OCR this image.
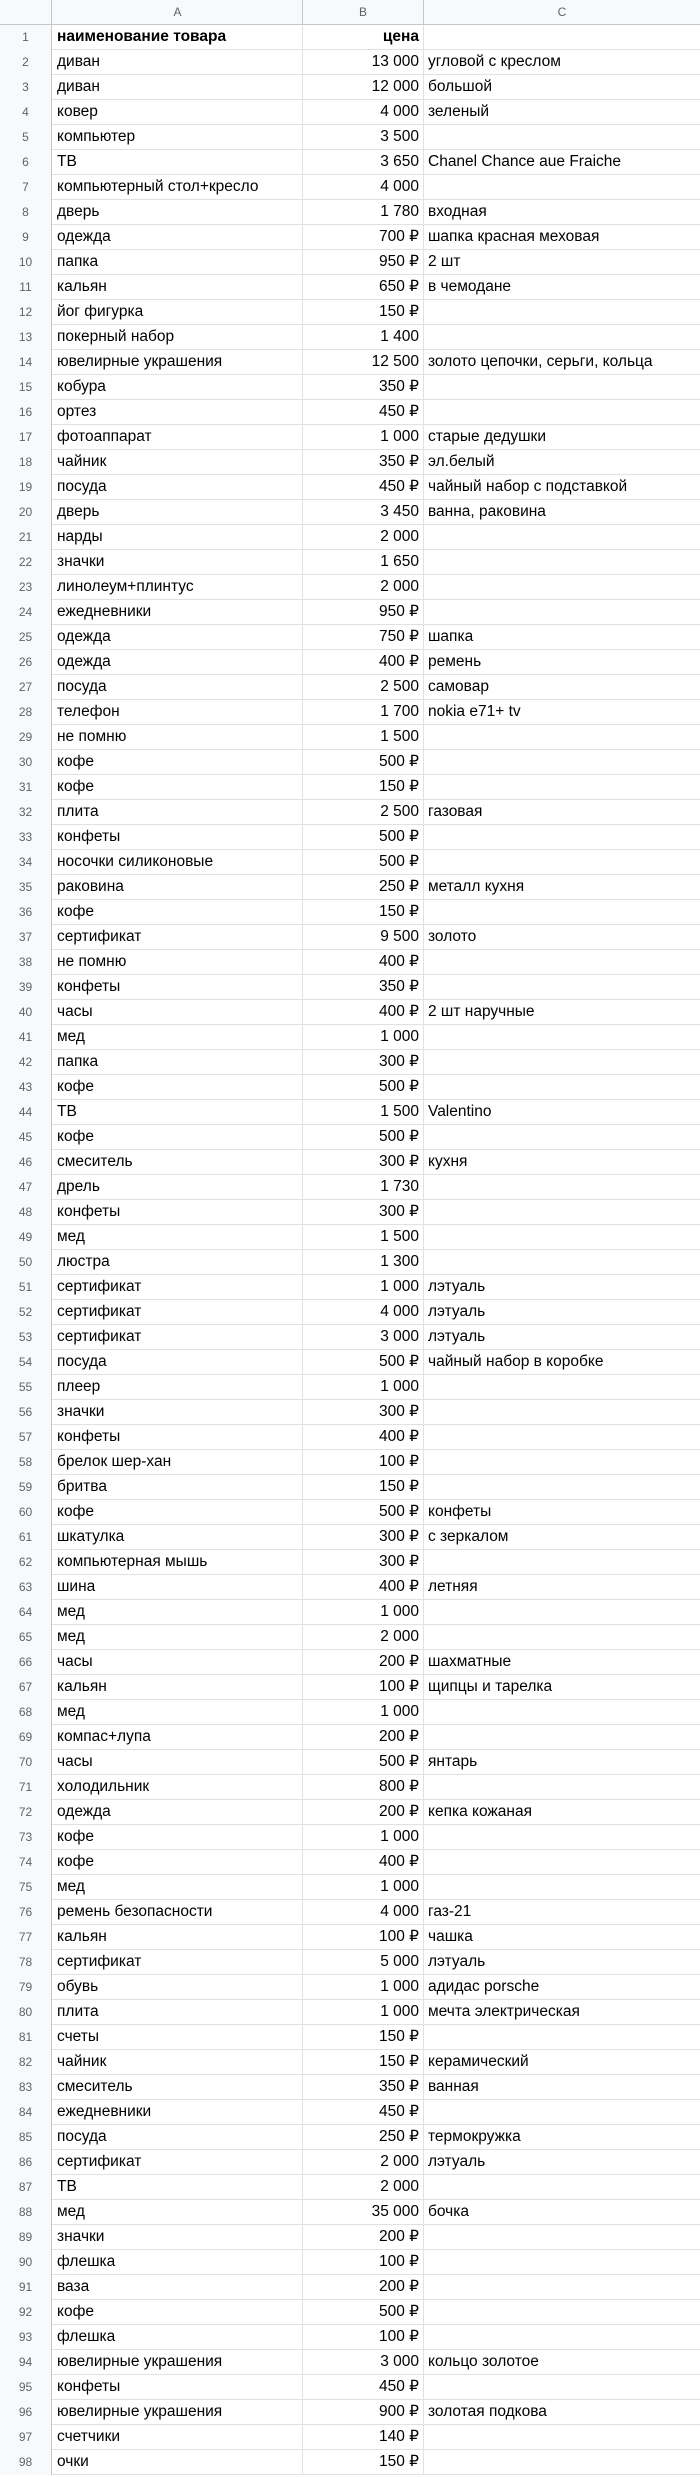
A	B	C
1	наименование товара	цена
2	диван	13 000 угловой с креслом
3	диван	12 000 большой
4	ковер	4 000 зеленый
5	компьютер	3 500
6	ТВ	3 650 Chanel Chance aue Fraiche
7	компьютерный стол+кресло	4 000
8	дверь	1 780 входная
9	одежда	700 ₽ шапка красная меховая
10	папка	950 ₽ 2 шт
11	кальян	650 ₽ в чемодане
12	йог фигурка	150 ₽
13	покерный набор	1 400
14	ювелирные украшения	12 500 золото цепочки, серьги, кольца
15	кобура	350 ₽
16	ортез	450 ₽
17	фотоаппарат	1 000 старые дедушки
18	чайник	350 ₽ эл.белый
19	посуда	450 ₽ чайный набор с подставкой
20	дверь	3 450 ванна, раковина
21	нарды	2 000
22	значки	1 650
23	линолеум+плинтус	2 000
24	ежедневники	950 ₽
25	одежда	750 ₽ шапка
26	одежда	400 ₽ ремень
27	посуда	2 500 самовар
28	телефон	1 700 nokia e71+ tv
29	не помню	1 500
30	кофе	500 ₽
31	кофе	150 ₽
32	плита	2 500 газовая
33	конфеты	500 ₽
34	носочки силиконовые	500 ₽
35	раковина	250 ₽ металл кухня
36	кофе	150 ₽
37	сертификат	9 500 золото
38	не помню	400 ₽
39	конфеты	350 ₽
40	часы	400 ₽ 2 шт наручные
41	мед	1 000
42	папка	300 ₽
43	кофе	500 ₽
44	ТВ	1 500 Valentino
45	кофе	500 ₽
46	смеситель	300 ₽ кухня
47	дрель	1 730
48	конфеты	300 ₽
49	мед	1 500
50	люстра	1 300
51	сертификат	1 000 лэтуаль
52	сертификат	4 000 лэтуаль
53	сертификат	3 000 лэтуаль
54	посуда	500 ₽ чайный набор в коробке
55	плеер	1 000
56	значки	300 ₽
57	конфеты	400 ₽
58	брелок шер-хан	100 ₽
59	бритва	150 ₽
60	кофе	500 ₽ конфеты
61	шкатулка	300 ₽ с зеркалом
62	компьютерная мышь	300 ₽
63	шина	400 ₽ летняя
64	мед	1 000
65	мед	2 000
66	часы	200 ₽ шахматные
67	кальян	100 ₽ щипцы и тарелка
68	мед	1 000
69	компас+лупа	200 ₽
70	часы	500 ₽ янтарь
71	холодильник	800 ₽
72	одежда	200 ₽ кепка кожаная
73	кофе	1 000
74	кофе	400 ₽
75	мед	1 000
76	ремень безопасности	4 000 газ-21
77	кальян	100 ₽ чашка
78	сертификат	5 000 лэтуаль
79	обувь	1 000 адидас porsche
80	плита	1 000 мечта электрическая
81	счеты	150 ₽
82	чайник	150 ₽ керамический
83	смеситель	350 ₽ ванная
84	ежедневники	450 ₽
85	посуда	250 ₽ термокружка
86	сертификат	2 000 лэтуаль
87	ТВ	2 000
88	мед	35 000 бочка
89	значки	200 ₽
90	флешка	100 ₽
91	ваза	200 ₽
92	кофе	500 ₽
93	флешка	100 ₽
94	ювелирные украшения	3 000 кольцо золотое
95	конфеты	450 ₽
96	ювелирные украшения	900 ₽ золотая подкова
97	счетчики	140 ₽
98	очки	150 ₽
